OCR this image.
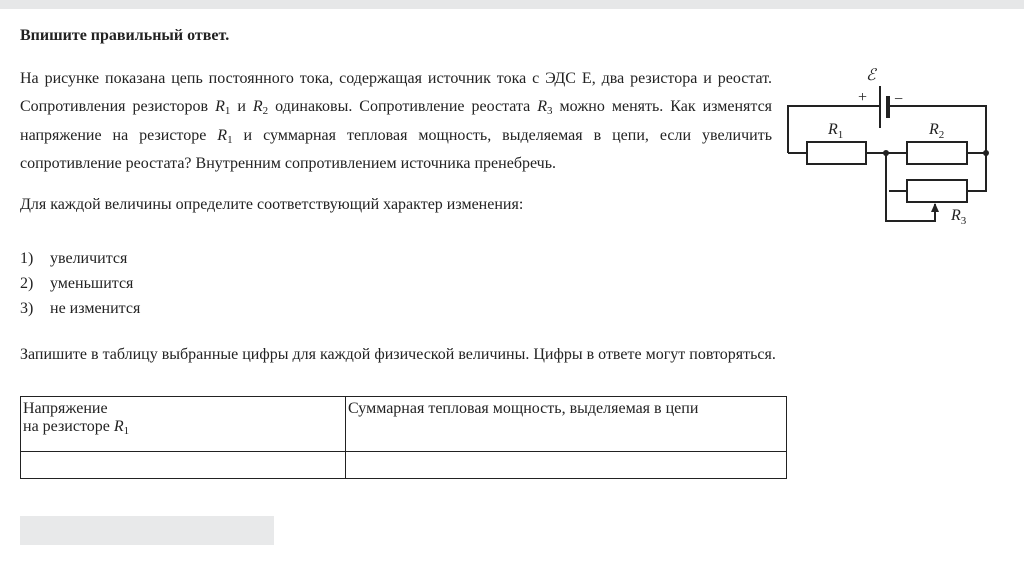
Впишите правильный ответ.
На рисунке показана цепь постоянного тока, содержащая источник тока с ЭДС Е, два резистора и реостат. Сопротивления резисторов $R_1$ и $R_2$ одинаковы. Сопротивление реостата $R_3$ можно менять. Как изменятся напряжение на резисторе $R_1$ и суммарная тепловая мощность, выделяемая в цепи, если увеличить сопротивление реостата? Внутренним сопротивлением источника пренебречь.
Для каждой величины определите соответствующий характер изменения:
1) увеличится
2) уменьшится
3) не изменится
Запишите в таблицу выбранные цифры для каждой физической величины. Цифры в ответе могут повторяться.
Напряжение
на резисторе $R_1$	Суммарная тепловая мощность, выделяемая в цепи

ℰ
+ −
$R_1$	$R_2$
$R_3$
